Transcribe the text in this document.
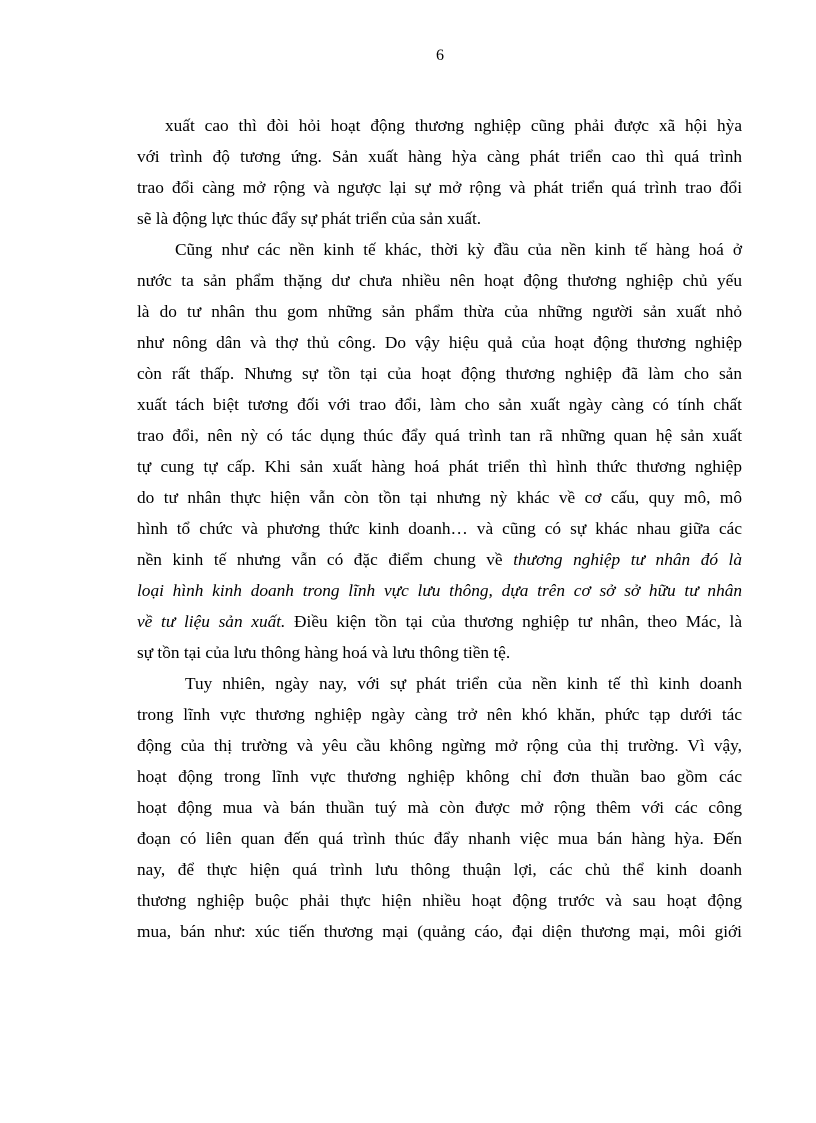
6
xuất cao thì đòi hỏi hoạt động thương nghiệp cũng phải được xã hội hỳa
với trình độ tương ứng. Sản xuất hàng hỳa càng phát triển cao thì quá trình
trao đổi càng mở rộng và ngược lại sự mở rộng và phát triển quá trình trao đổi
sẽ là động lực thúc đẩy sự phát triển của sản xuất.
Cũng như các nền kinh tế khác, thời kỳ đầu của nền kinh tế hàng hoá ở
nước ta sản phẩm thặng dư chưa nhiều nên hoạt động thương nghiệp chủ yếu
là do tư nhân thu gom những sản phẩm thừa của những người sản xuất nhỏ
như nông dân và thợ thủ công. Do vậy hiệu quả của hoạt động thương nghiệp
còn rất thấp. Nhưng sự tồn tại của hoạt động thương nghiệp đã làm cho sản
xuất tách biệt tương đối với trao đổi, làm cho sản xuất ngày càng có tính chất
trao đổi, nên nỳ có tác dụng thúc đẩy quá trình tan rã những quan hệ sản xuất
tự cung tự cấp. Khi sản xuất hàng hoá phát triển thì hình thức thương nghiệp
do tư nhân thực hiện vẫn còn tồn tại nhưng nỳ khác về cơ cấu, quy mô, mô
hình tổ chức và phương thức kinh doanh… và cũng có sự khác nhau giữa các
nền kinh tế nhưng vẫn có đặc điểm chung về thương nghiệp tư nhân đó là
loại hình kinh doanh trong lĩnh vực lưu thông, dựa trên cơ sở sở hữu tư nhân
về tư liệu sản xuất. Điều kiện tồn tại của thương nghiệp tư nhân, theo Mác, là
sự tồn tại của lưu thông hàng hoá và lưu thông tiền tệ.
Tuy nhiên, ngày nay, với sự phát triển của nền kinh tế thì kinh doanh
trong lĩnh vực thương nghiệp ngày càng trở nên khó khăn, phức tạp dưới tác
động của thị trường và yêu cầu không ngừng mở rộng của thị trường. Vì vậy,
hoạt động trong lĩnh vực thương nghiệp không chỉ đơn thuần bao gồm các
hoạt động mua và bán thuần tuý mà còn được mở rộng thêm với các công
đoạn có liên quan đến quá trình thúc đẩy nhanh việc mua bán hàng hỳa. Đến
nay, để thực hiện quá trình lưu thông thuận lợi, các chủ thể kinh doanh
thương nghiệp buộc phải thực hiện nhiều hoạt động trước và sau hoạt động
mua, bán như: xúc tiến thương mại (quảng cáo, đại diện thương mại, môi giới
